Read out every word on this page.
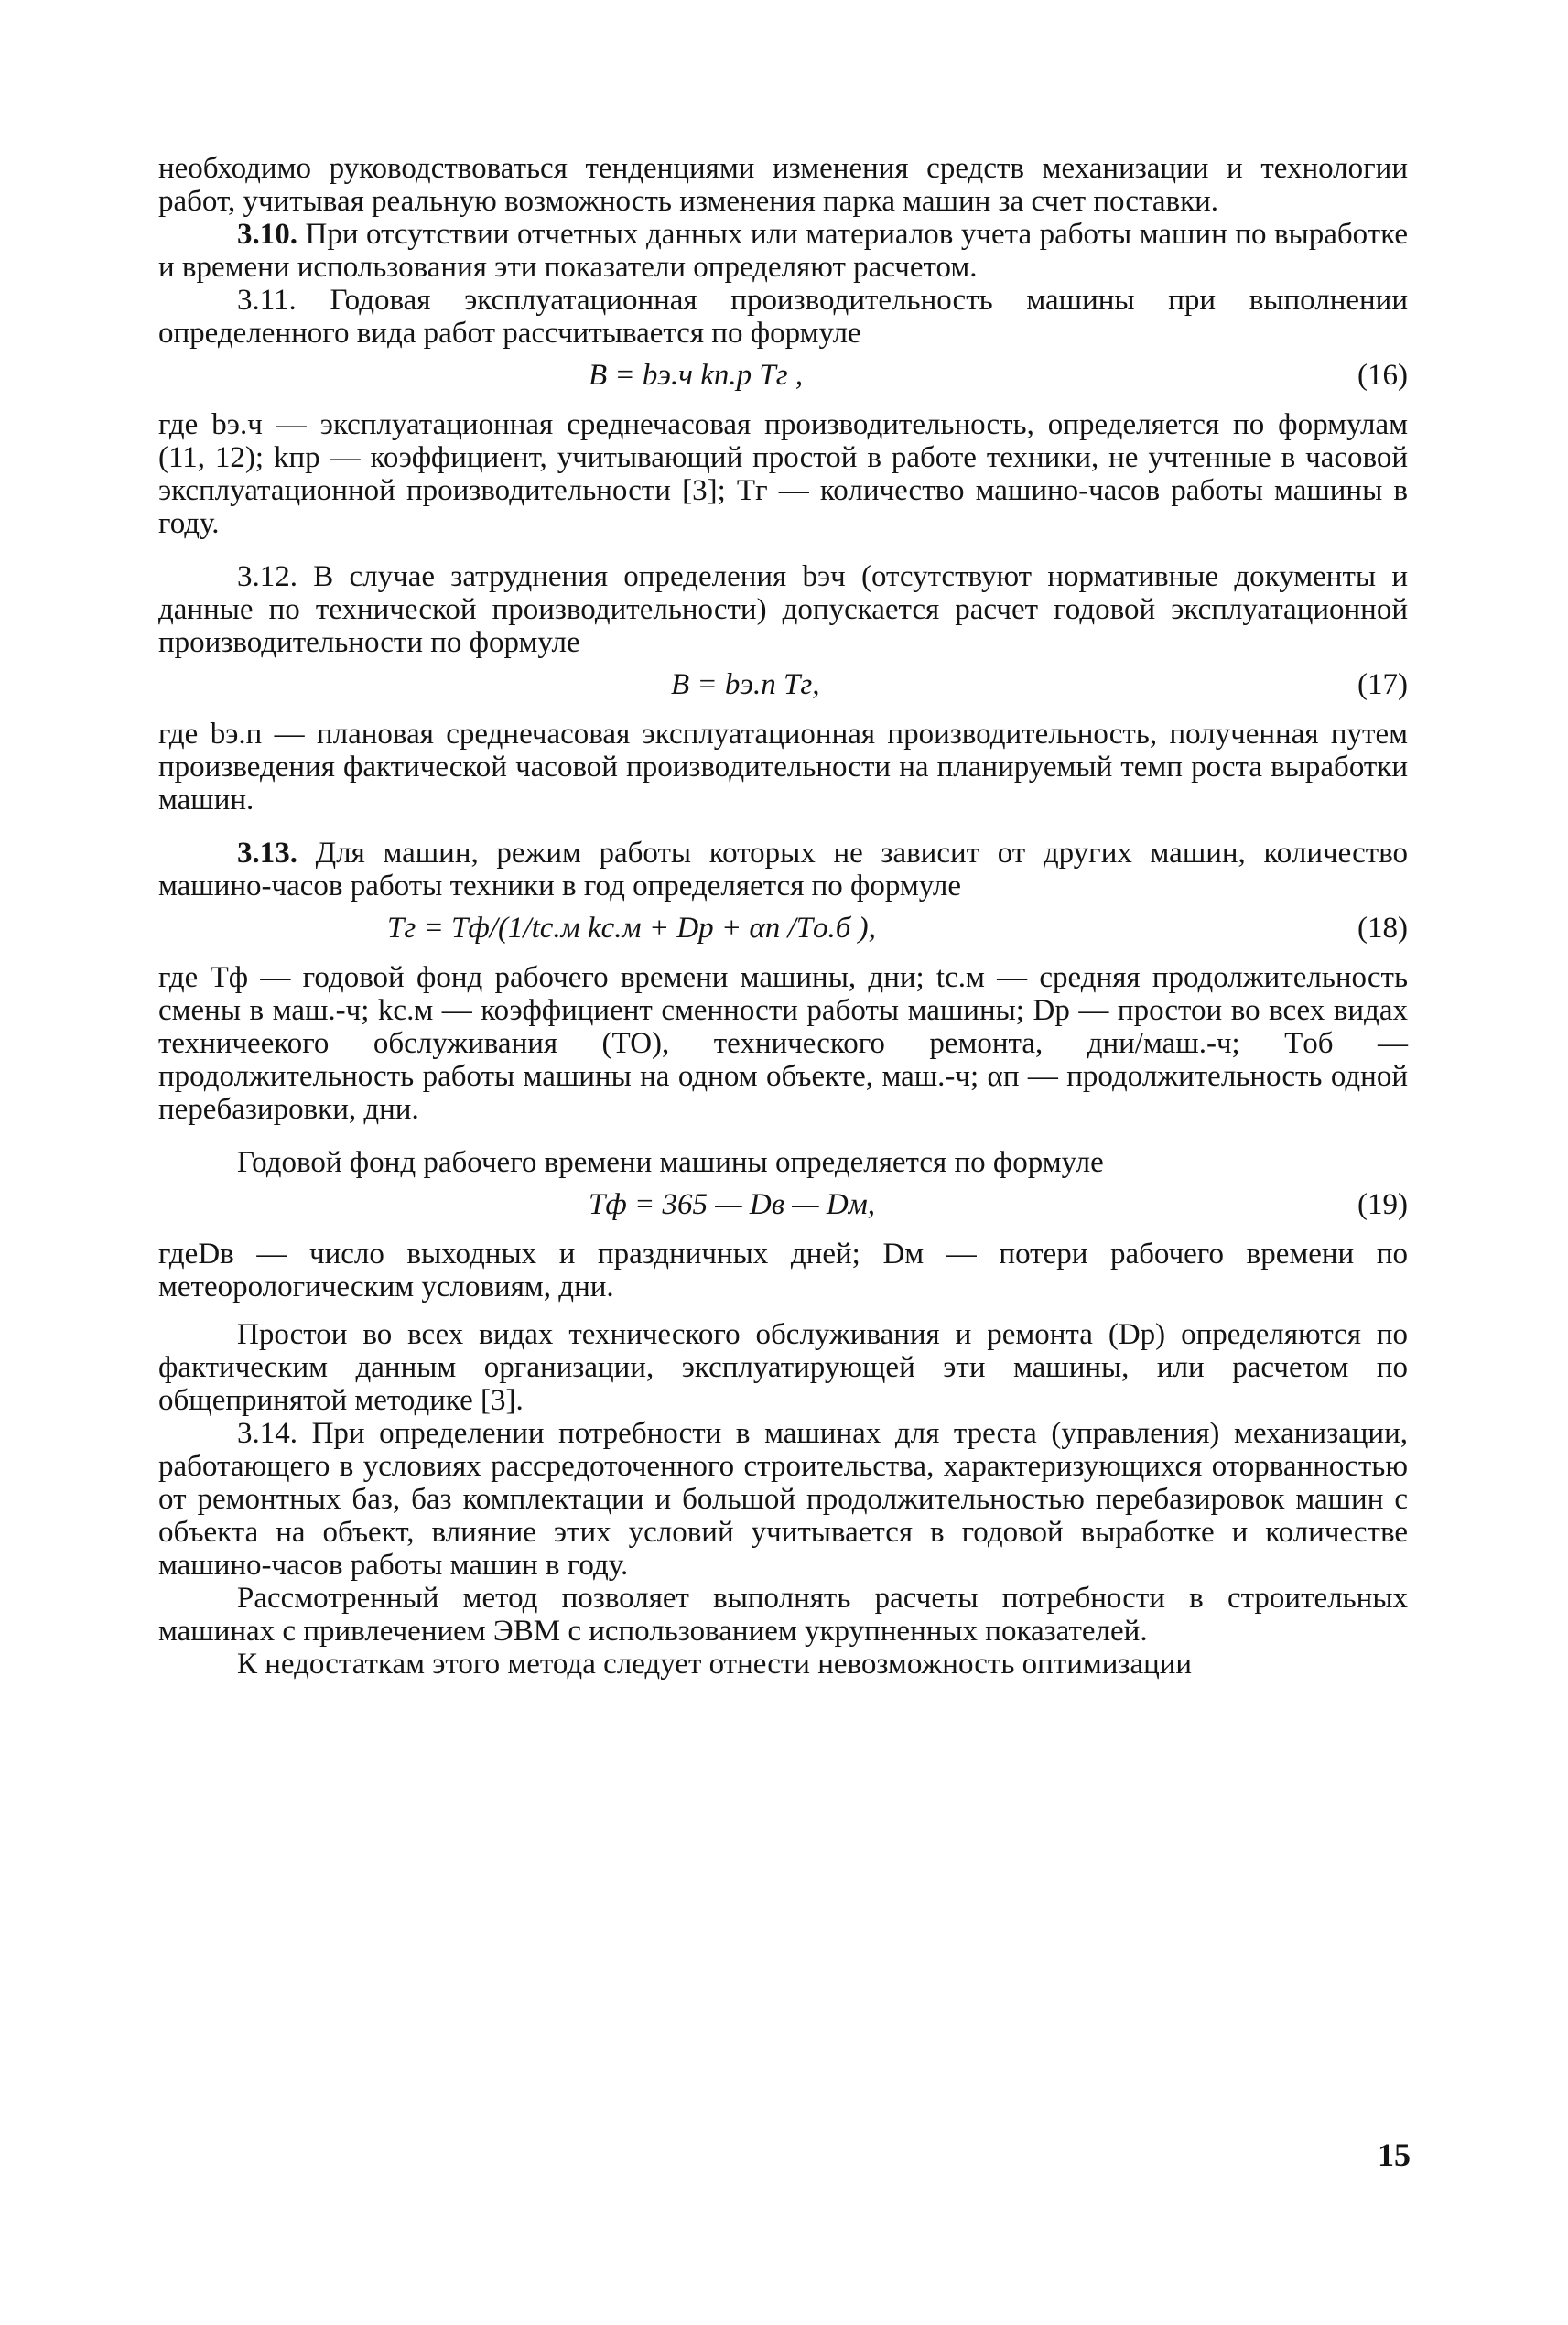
необходимо руководствоваться тенденциями изменения средств механизации и технологии работ, учитывая реальную возможность изменения парка машин за счет поставки.

3.10. При отсутствии отчетных данных или материалов учета работы машин по выработке и времени использования эти показатели определяют расчетом.

3.11. Годовая эксплуатационная производительность машины при выполнении определенного вида работ рассчитывается по формуле

B = bэ.ч kп.р Tг ,	(16)

где bэ.ч — эксплуатационная среднечасовая производительность, определяется по формулам (11, 12); kпр — коэффициент, учитывающий простой в работе техники, не учтенные в часовой эксплуатационной производительности [3]; Tг — количество машино-часов работы машины в году.

3.12. В случае затруднения определения bэч (отсутствуют нормативные документы и данные по технической производительности) допускается расчет годовой эксплуатационной производительности по формуле

B = bэ.п Tг,	(17)

где bэ.п — плановая среднечасовая эксплуатационная производительность, полученная путем произведения фактической часовой производительности на планируемый темп роста выработки машин.

3.13. Для машин, режим работы которых не зависит от других машин, количество машино-часов работы техники в год определяется по формуле

Tг = Tф/(1/tс.м kс.м + Dр + αп /Tо.б ),	(18)

где Tф — годовой фонд рабочего времени машины, дни; tс.м — средняя продолжительность смены в маш.-ч; kс.м — коэффициент сменности работы машины; Dр — простои во всех видах техничеекого обслуживания (ТО), технического ремонта, дни/маш.-ч; Tоб — продолжительность работы машины на одном объекте, маш.-ч; αп — продолжительность одной перебазировки, дни.

Годовой фонд рабочего времени машины определяется по формуле

Tф = 365 — Dв — Dм,	(19)

гдеDв — число выходных и праздничных дней; Dм — потери рабочего времени по метеорологическим условиям, дни.

Простои во всех видах технического обслуживания и ремонта (Dр) определяются по фактическим данным организации, эксплуатирующей эти машины, или расчетом по общепринятой методике [3].

3.14. При определении потребности в машинах для треста (управления) механизации, работающего в условиях рассредоточенного строительства, характеризующихся оторванностью от ремонтных баз, баз комплектации и большой продолжительностью перебазировок машин с объекта на объект, влияние этих условий учитывается в годовой выработке и количестве машино-часов работы машин в году.

Рассмотренный метод позволяет выполнять расчеты потребности в строительных машинах с привлечением ЭВМ с использованием укрупненных показателей.

К недостаткам этого метода следует отнести невозможность оптимизации

15
